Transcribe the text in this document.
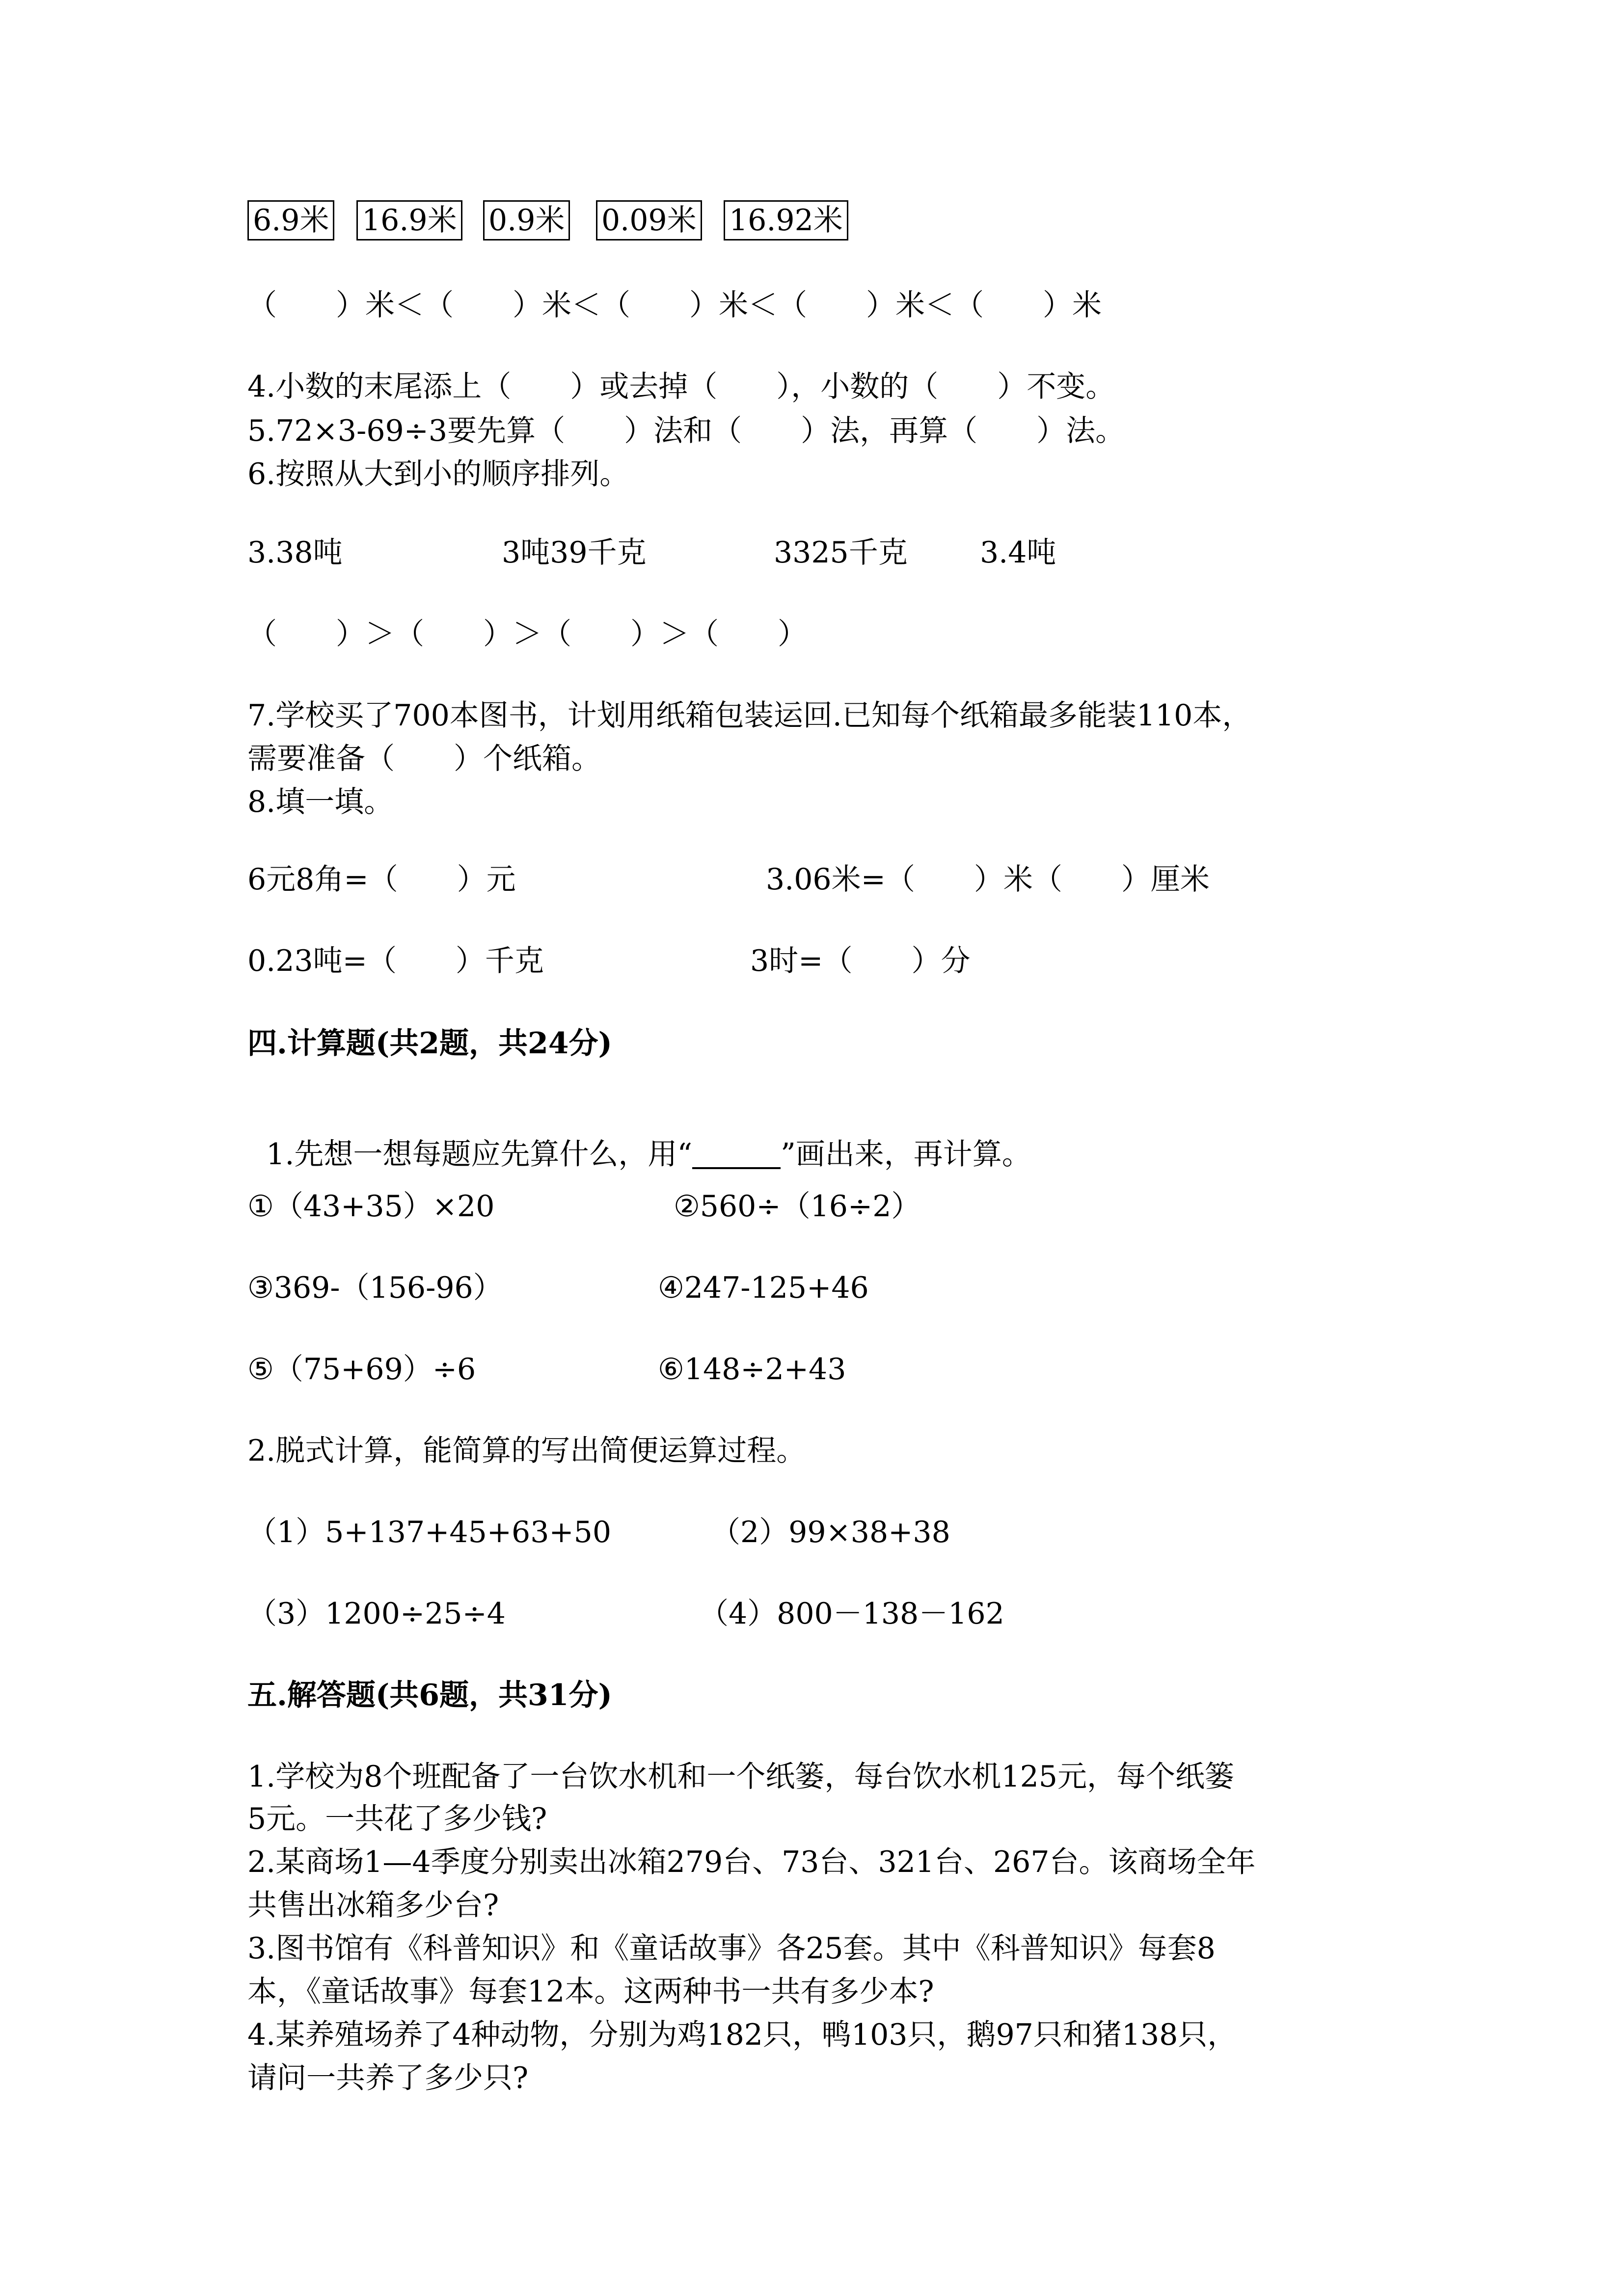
6.9米 16.9米 0.9米 0.09米 16.92米
（　　）米＜（　　）米＜（　　）米＜（　　）米＜（　　）米
4.小数的末尾添上（　　）或去掉（　　），小数的（　　）不变。
5.72×3-69÷3要先算（　　）法和（　　）法，再算（　　）法。
6.按照从大到小的顺序排列。
3.38吨	3吨39千克	3325千克 3.4吨
（　　）＞（　　）＞（　　）＞（　　）
7.学校买了700本图书，计划用纸箱包装运回.已知每个纸箱最多能装110本，
需要准备（　　）个纸箱。
8.填一填。
6元8角=（　　）元	3.06米=（　　）米（　　）厘米
0.23吨=（　　）千克	3时=（　　）分
四.计算题(共2题，共24分)

1.先想一想每题应先算什么，用“	”画出来，再计算。

①（43+35）×20	②560÷（16÷2）
③369-（156-96）	④247-125+46
⑤（75+69）÷6	⑥148÷2+43
2.脱式计算，能简算的写出简便运算过程。
（1）5+137+45+63+50	（2）99×38+38
（3）1200÷25÷4	（4）800－138－162
五.解答题(共6题，共31分)
1.学校为8个班配备了一台饮水机和一个纸篓，每台饮水机125元，每个纸篓
5元。一共花了多少钱?
2.某商场1—4季度分别卖出冰箱279台、73台、321台、267台。该商场全年
共售出冰箱多少台?
3.图书馆有《科普知识》和《童话故事》各25套。其中《科普知识》每套8
本，《童话故事》每套12本。这两种书一共有多少本?
4.某养殖场养了4种动物，分别为鸡182只，鸭103只，鹅97只和猪138只，
请问一共养了多少只?
